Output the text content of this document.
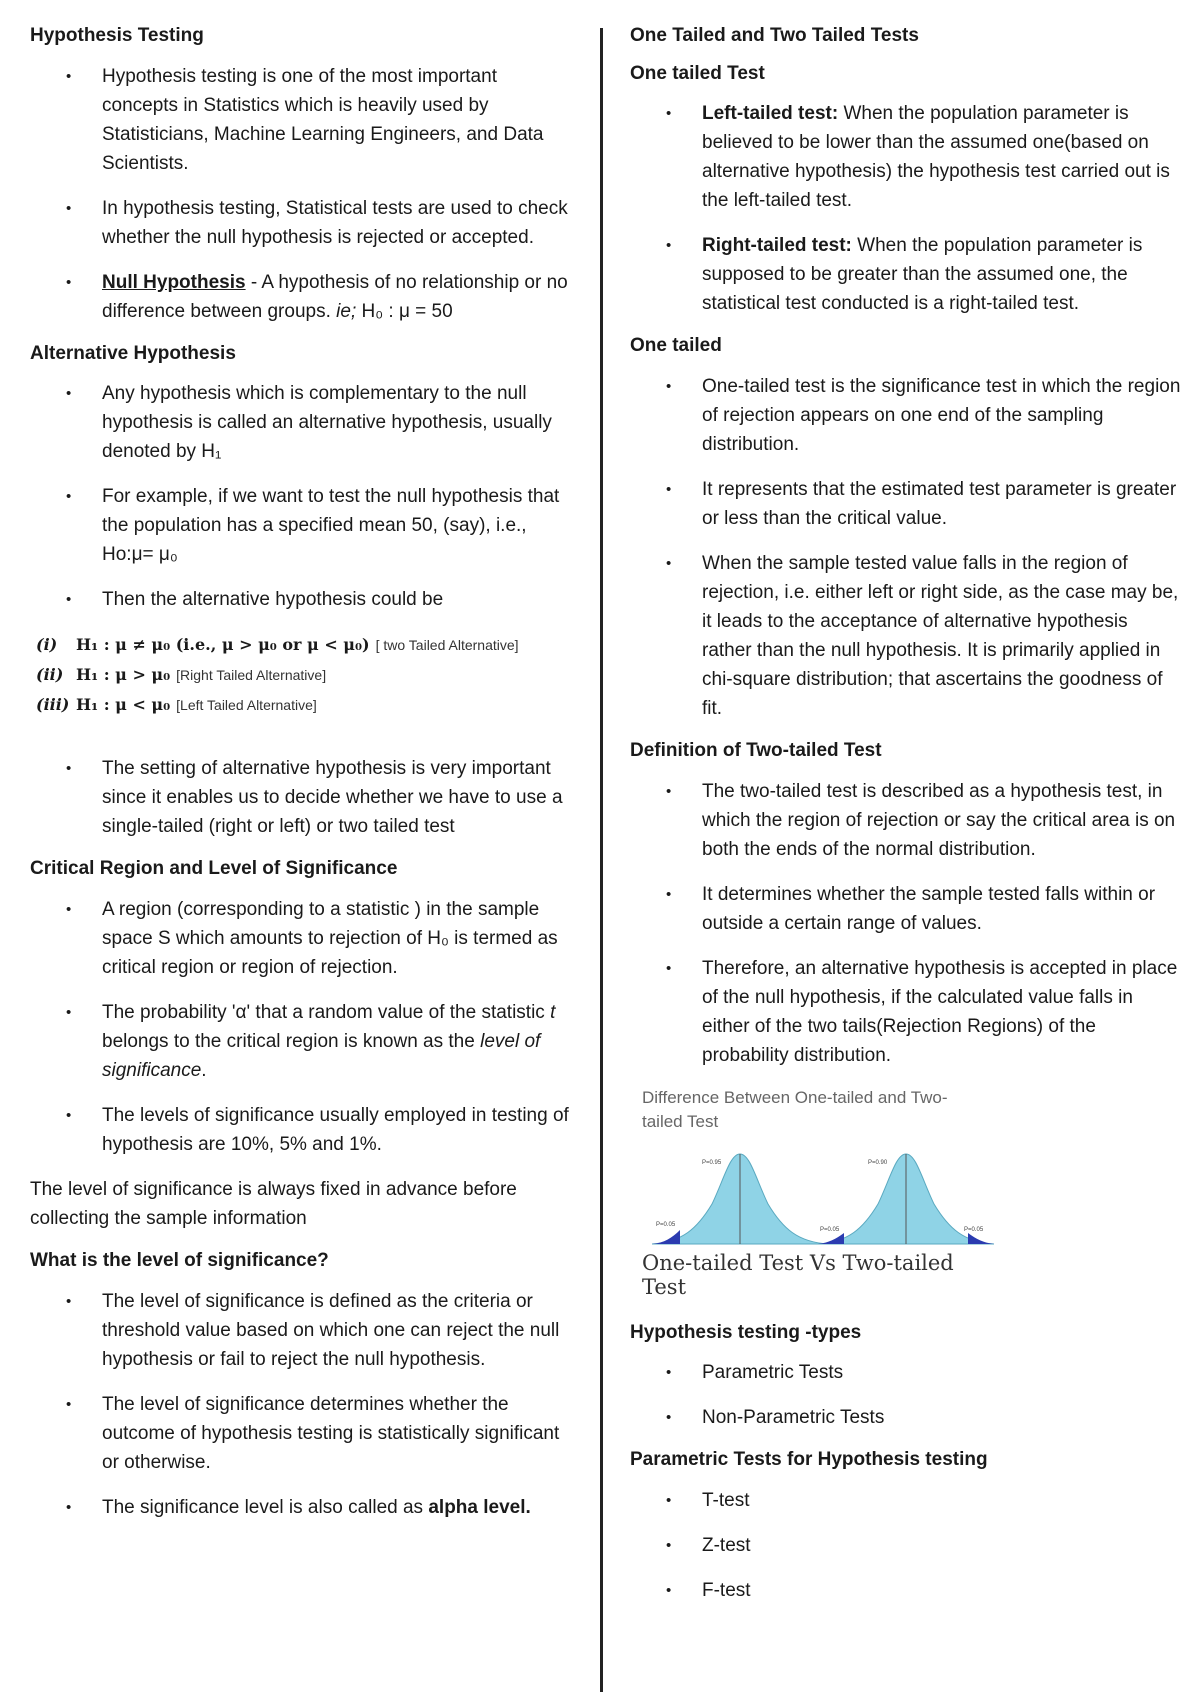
Hypothesis Testing
• Hypothesis testing is one of the most important concepts in Statistics which is heavily used by Statisticians, Machine Learning Engineers, and Data Scientists.
• In hypothesis testing, Statistical tests are used to check whether the null hypothesis is rejected or accepted.
• Null Hypothesis - A hypothesis of no relationship or no difference between groups. ie; H₀ : μ = 50
Alternative Hypothesis
• Any hypothesis which is complementary to the null hypothesis is called an alternative hypothesis, usually denoted by H₁
• For example, if we want to test the null hypothesis that the population has a specified mean 50, (say), i.e., Ho:μ= μ₀
• Then the alternative hypothesis could be
(i) H₁ : μ ≠ μ₀ (i.e., μ > μ₀ or μ < μ₀) [ two Tailed Alternative]
(ii) H₁ : μ > μ₀ [Right Tailed Alternative]
(iii) H₁ : μ < μ₀ [Left Tailed Alternative]
• The setting of alternative hypothesis is very important since it enables us to decide whether we have to use a single-tailed (right or left) or two tailed test
Critical Region and Level of Significance
• A region (corresponding to a statistic ) in the sample space S which amounts to rejection of H₀ is termed as critical region or region of rejection.
• The probability 'α' that a random value of the statistic t belongs to the critical region is known as the level of significance.
• The levels of significance usually employed in testing of hypothesis are 10%, 5% and 1%.

The level of significance is always fixed in advance before collecting the sample information

What is the level of significance?
• The level of significance is defined as the criteria or threshold value based on which one can reject the null hypothesis or fail to reject the null hypothesis.
• The level of significance determines whether the outcome of hypothesis testing is statistically significant or otherwise.
• The significance level is also called as alpha level.
One Tailed and Two Tailed Tests
One tailed Test
• Left-tailed test: When the population parameter is believed to be lower than the assumed one(based on alternative hypothesis) the hypothesis test carried out is the left-tailed test.
• Right-tailed test: When the population parameter is supposed to be greater than the assumed one, the statistical test conducted is a right-tailed test.
One tailed
• One-tailed test is the significance test in which the region of rejection appears on one end of the sampling distribution.
• It represents that the estimated test parameter is greater or less than the critical value.
• When the sample tested value falls in the region of rejection, i.e. either left or right side, as the case may be, it leads to the acceptance of alternative hypothesis rather than the null hypothesis. It is primarily applied in chi-square distribution; that ascertains the goodness of fit.
Definition of Two-tailed Test
• The two-tailed test is described as a hypothesis test, in which the region of rejection or say the critical area is on both the ends of the normal distribution.
• It determines whether the sample tested falls within or outside a certain range of values.
• Therefore, an alternative hypothesis is accepted in place of the null hypothesis, if the calculated value falls in either of the two tails(Rejection Regions) of the probability distribution.
Difference Between One-tailed and Two-tailed Test
P=0.95
P=0.05
P=0.90
P=0.05	P=0.05
One-tailed Test Vs Two-tailed Test
Hypothesis testing -types
• Parametric Tests
• Non-Parametric Tests
Parametric Tests for Hypothesis testing
• T-test
• Z-test
• F-test
